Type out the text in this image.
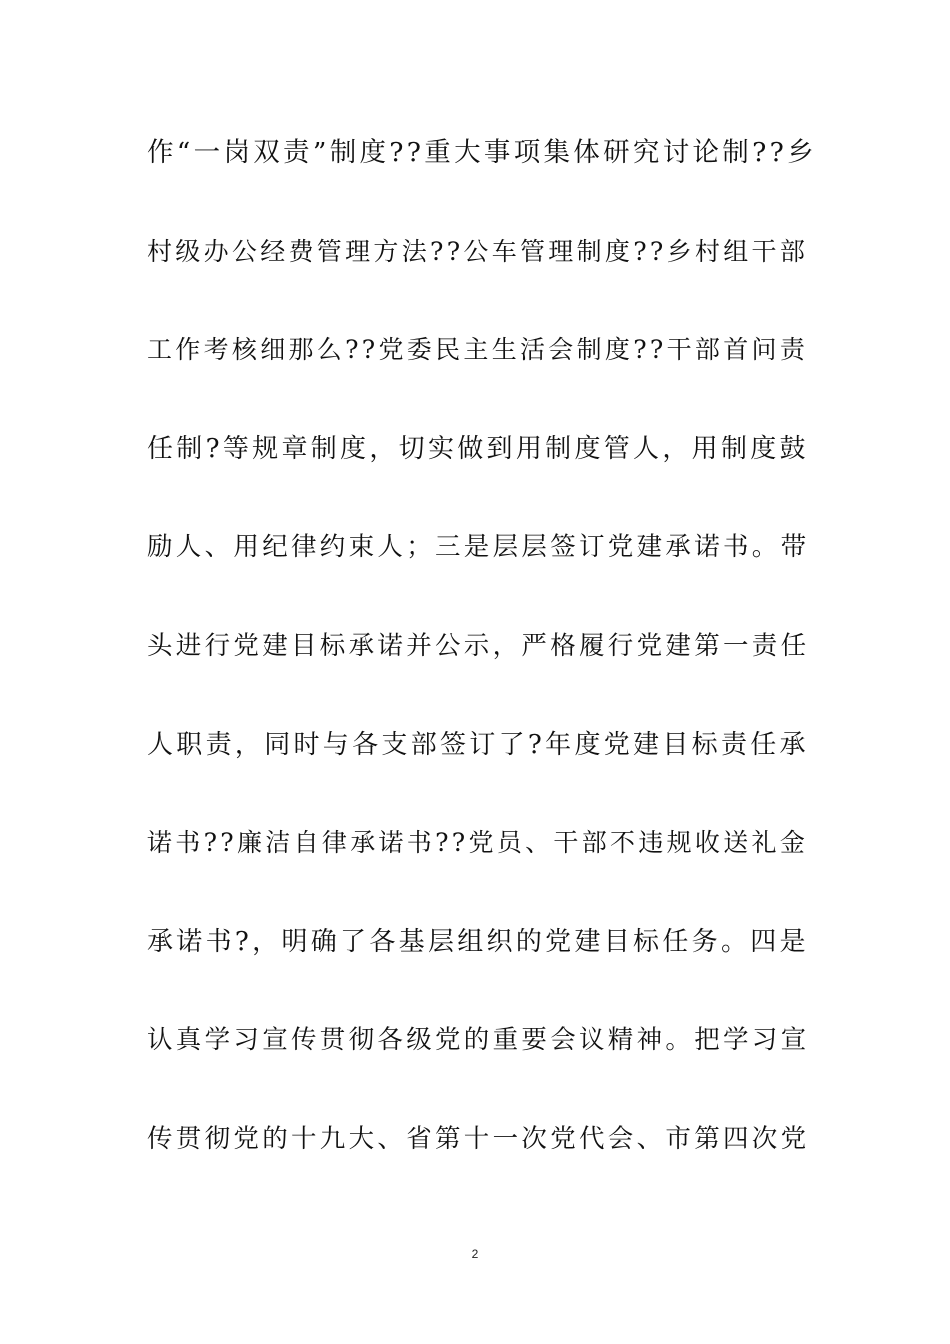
作“一岗双责”制度??重大事项集体研究讨论制??乡
村级办公经费管理方法??公车管理制度??乡村组干部
工作考核细那么??党委民主生活会制度??干部首问责
任制?等规章制度，切实做到用制度管人，用制度鼓
励人、用纪律约束人；三是层层签订党建承诺书。带
头进行党建目标承诺并公示，严格履行党建第一责任
人职责，同时与各支部签订了?年度党建目标责任承
诺书??廉洁自律承诺书??党员、干部不违规收送礼金
承诺书?，明确了各基层组织的党建目标任务。四是
认真学习宣传贯彻各级党的重要会议精神。把学习宣
传贯彻党的十九大、省第十一次党代会、市第四次党
2
